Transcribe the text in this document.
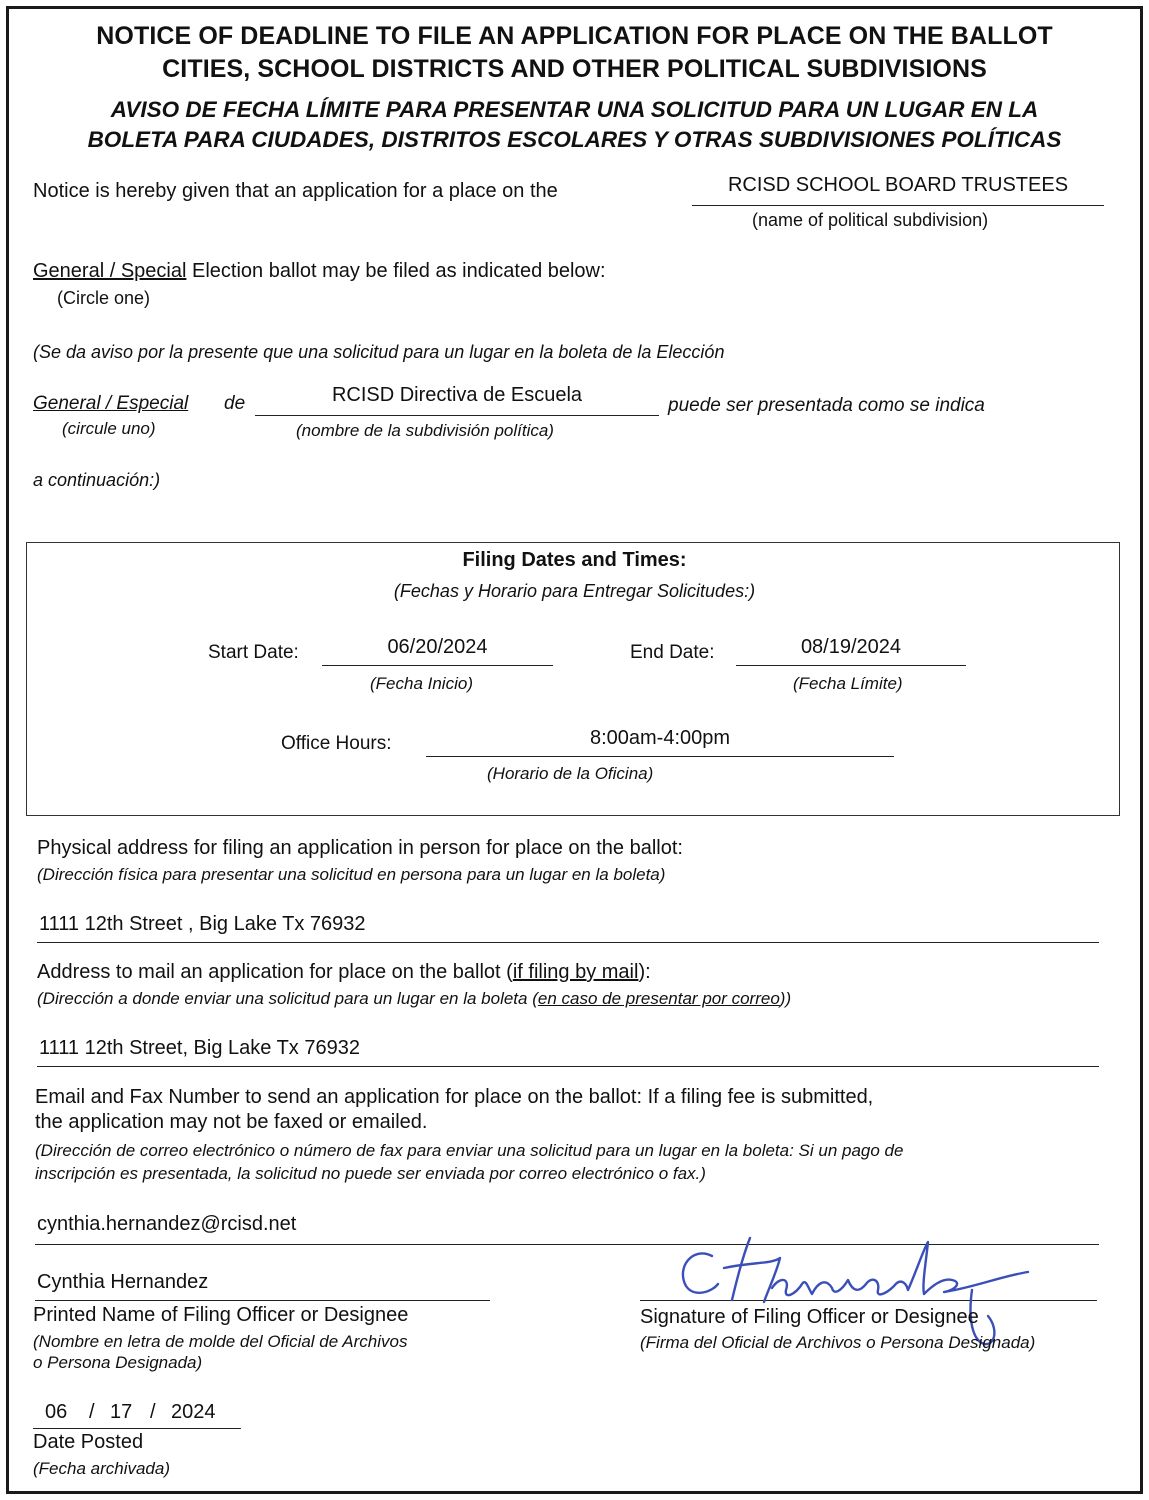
NOTICE OF DEADLINE TO FILE AN APPLICATION FOR PLACE ON THE BALLOT
CITIES, SCHOOL DISTRICTS AND OTHER POLITICAL SUBDIVISIONS
AVISO DE FECHA LÍMITE PARA PRESENTAR UNA SOLICITUD PARA UN LUGAR EN LA
BOLETA PARA CIUDADES, DISTRITOS ESCOLARES Y OTRAS SUBDIVISIONES POLÍTICAS
Notice is hereby given that an application for a place on the	RCISD SCHOOL BOARD TRUSTEES
(name of political subdivision)
General / Special Election ballot may be filed as indicated below:
(Circle one)
(Se da aviso por la presente que una solicitud para un lugar en la boleta de la Elección
General / Especial de	RCISD Directiva de Escuela	puede ser presentada como se indica
(circule uno)	(nombre de la subdivisión política)
a continuación:)
Filing Dates and Times:
(Fechas y Horario para Entregar Solicitudes:)
Start Date:	06/20/2024
(Fecha Inicio)
End Date:	08/19/2024
(Fecha Límite)
Office Hours:	8:00am-4:00pm
(Horario de la Oficina)
Physical address for filing an application in person for place on the ballot:
(Dirección física para presentar una solicitud en persona para un lugar en la boleta)
1111 12th Street , Big Lake Tx 76932
Address to mail an application for place on the ballot (if filing by mail):
(Dirección a donde enviar una solicitud para un lugar en la boleta (en caso de presentar por correo))
1111 12th Street, Big Lake Tx 76932
Email and Fax Number to send an application for place on the ballot: If a filing fee is submitted,
the application may not be faxed or emailed.
(Dirección de correo electrónico o número de fax para enviar una solicitud para un lugar en la boleta: Si un pago de
inscripción es presentada, la solicitud no puede ser enviada por correo electrónico o fax.)
cynthia.hernandez@rcisd.net
Cynthia Hernandez
Printed Name of Filing Officer or Designee
(Nombre en letra de molde del Oficial de Archivos
o Persona Designada)
Signature of Filing Officer or Designee
(Firma del Oficial de Archivos o Persona Designada)
06 / 17 / 2024
Date Posted
(Fecha archivada)
